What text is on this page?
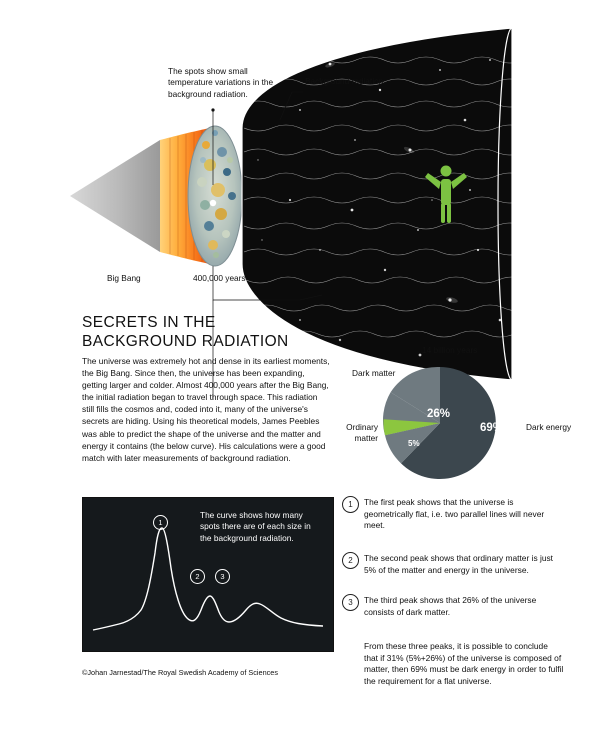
The spots show small temperature variations in the background radiation.
Background radiation
Big Bang	400,000 years
14 billion years
SECRETS IN THE BACKGROUND RADIATION
The universe was extremely hot and dense in its earliest moments, the Big Bang. Since then, the universe has been expanding, getting larger and colder. Almost 400,000 years after the Big Bang, the initial radiation began to travel through space. This radiation still fills the cosmos and, coded into it, many of the universe's secrets are hiding. Using his theoretical models, James Peebles was able to predict the shape of the universe and the matter and energy it contains (the below curve). His calculations were a good match with later measurements of background radiation.
Dark matter
Ordinary matter
Dark energy
26%
69%
5%
1
2	3
The curve shows how many spots there are of each size in the background radiation.
1	The first peak shows that the universe is geometrically flat, i.e. two parallel lines will never meet.
2	The second peak shows that ordinary matter is just 5% of the matter and energy in the universe.
3	The third peak shows that 26% of the universe consists of dark matter.
From these three peaks, it is possible to conclude that if 31% (5%+26%) of the universe is composed of matter, then 69% must be dark energy in order to fulfil the requirement for a flat universe.
©Johan Jarnestad/The Royal Swedish Academy of Sciences
